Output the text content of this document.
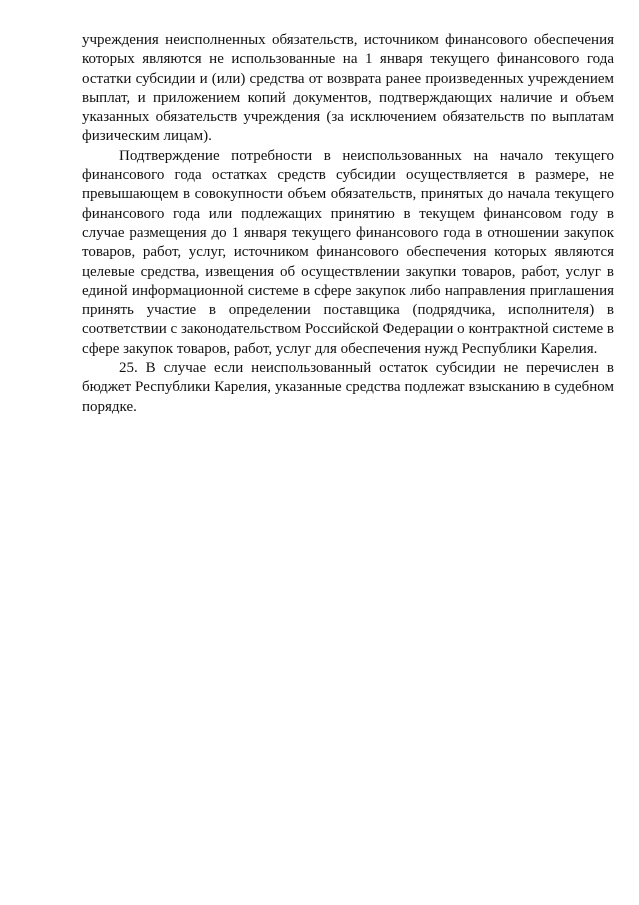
учреждения неисполненных обязательств, источником финансового обеспечения которых являются не использованные на 1 января текущего финансового года остатки субсидии и (или) средства от возврата ранее произведенных учреждением выплат, и приложением копий документов, подтверждающих наличие и объем указанных обязательств учреждения (за исключением обязательств по выплатам физическим лицам).

Подтверждение потребности в неиспользованных на начало текущего финансового года остатках средств субсидии осуществляется в размере, не превышающем в совокупности объем обязательств, принятых до начала текущего финансового года или подлежащих принятию в текущем финансовом году в случае размещения до 1 января текущего финансового года в отношении закупок товаров, работ, услуг, источником финансового обеспечения которых являются целевые средства, извещения об осуществлении закупки товаров, работ, услуг в единой информационной системе в сфере закупок либо направления приглашения принять участие в определении поставщика (подрядчика, исполнителя) в соответствии с законодательством Российской Федерации о контрактной системе в сфере закупок товаров, работ, услуг для обеспечения нужд Республики Карелия.

25. В случае если неиспользованный остаток субсидии не перечислен в бюджет Республики Карелия, указанные средства подлежат взысканию в судебном порядке.
